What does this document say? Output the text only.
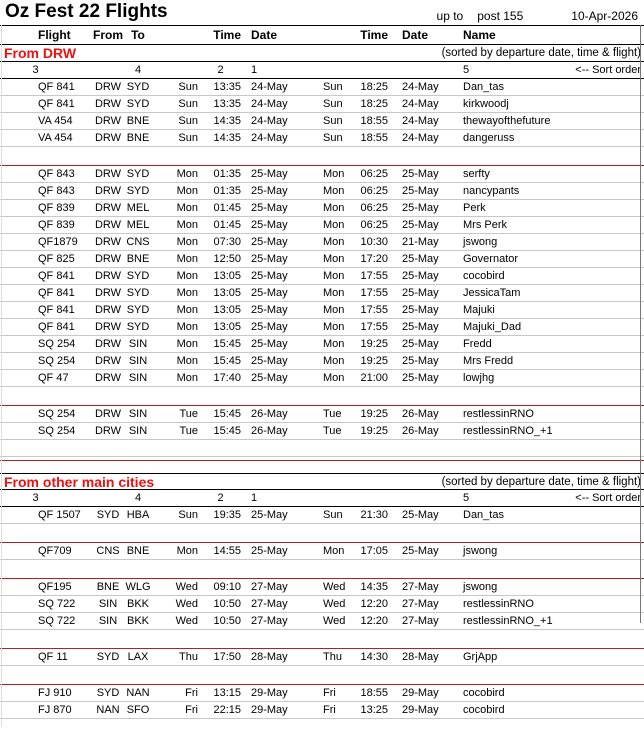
Oz Fest 22 Flights	up to	post 155	10-Apr-2026
Flight	From To	Time Date	Time	Date	Name
From DRW	(sorted by departure date, time & flight)
3	4	2	1	5	<-- Sort order
QF 841	DRW SYD	Sun	13:35 24-May	Sun	18:25	24-May	Dan_tas
QF 841	DRW SYD	Sun	13:35 24-May	Sun	18:25	24-May	kirkwoodj
VA 454	DRW BNE	Sun	14:35 24-May	Sun	18:55	24-May	thewayofthefuture
VA 454	DRW BNE	Sun	14:35 24-May	Sun	18:55	24-May	dangeruss
QF 843	DRW SYD	Mon	01:35 25-May	Mon	06:25	25-May	serfty
QF 843	DRW SYD	Mon	01:35 25-May	Mon	06:25	25-May	nancypants
QF 839	DRW MEL	Mon	01:45 25-May	Mon	06:25	25-May	Perk
QF 839	DRW MEL	Mon	01:45 25-May	Mon	06:25	25-May	Mrs Perk
QF1879	DRW CNS	Mon	07:30 25-May	Mon	10:30	21-May	jswong
QF 825	DRW BNE	Mon	12:50 25-May	Mon	17:20	25-May	Governator
QF 841	DRW SYD	Mon	13:05 25-May	Mon	17:55	25-May	cocobird
QF 841	DRW SYD	Mon	13:05 25-May	Mon	17:55	25-May	JessicaTam
QF 841	DRW SYD	Mon	13:05 25-May	Mon	17:55	25-May	Majuki
QF 841	DRW SYD	Mon	13:05 25-May	Mon	17:55	25-May	Majuki_Dad
SQ 254	DRW SIN	Mon	15:45 25-May	Mon	19:25	25-May	Fredd
SQ 254	DRW SIN	Mon	15:45 25-May	Mon	19:25	25-May	Mrs Fredd
QF 47	DRW SIN	Mon	17:40 25-May	Mon	21:00	25-May	lowjhg
SQ 254	DRW SIN	Tue	15:45 26-May	Tue	19:25	26-May	restlessinRNO
SQ 254	DRW SIN	Tue	15:45 26-May	Tue	19:25	26-May	restlessinRNO_+1
From other main cities	(sorted by departure date, time & flight)
3	4	2	1	5	<-- Sort order
QF 1507	SYD HBA	Sun	19:35 25-May	Sun	21:30	25-May	Dan_tas
QF709	CNS BNE	Mon	14:55 25-May	Mon	17:05	25-May	jswong
QF195	BNE WLG	Wed	09:10 27-May	Wed	14:35	27-May	jswong
SQ 722	SIN BKK	Wed	10:50 27-May	Wed	12:20	27-May	restlessinRNO
SQ 722	SIN BKK	Wed	10:50 27-May	Wed	12:20	27-May	restlessinRNO_+1
QF 11	SYD LAX	Thu	17:50 28-May	Thu	14:30	28-May	GrjApp
FJ 910	SYD NAN	Fri	13:15 29-May	Fri	18:55	29-May	cocobird
FJ 870	NAN SFO	Fri	22:15 29-May	Fri	13:25	29-May	cocobird
